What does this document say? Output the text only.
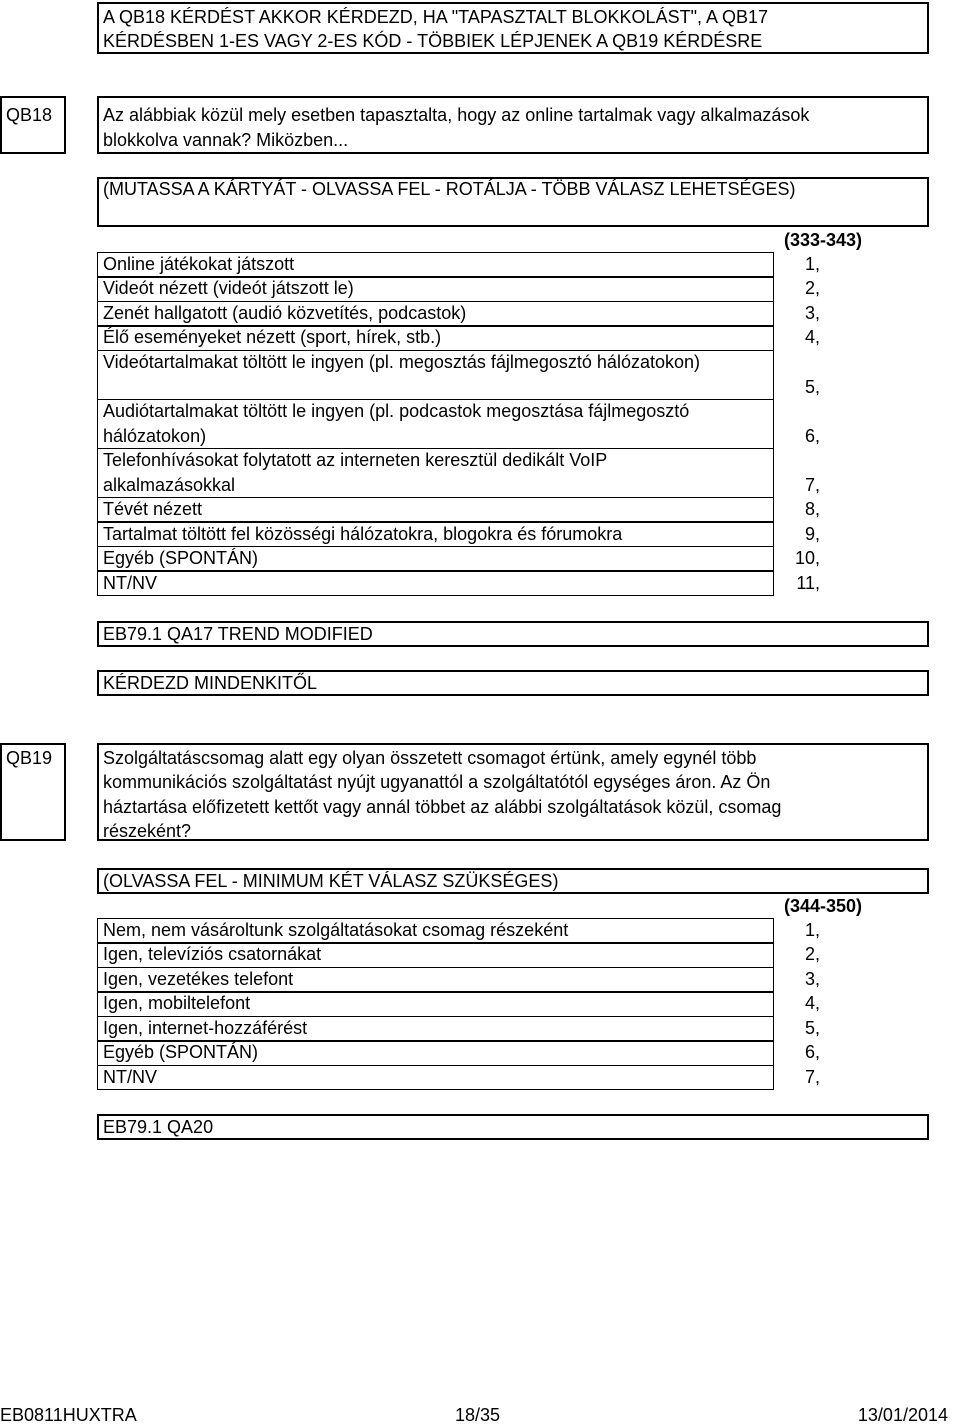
A QB18 KÉRDÉST AKKOR KÉRDEZD, HA "TAPASZTALT BLOKKOLÁST", A QB17
KÉRDÉSBEN 1-ES VAGY 2-ES KÓD - TÖBBIEK LÉPJENEK A QB19 KÉRDÉSRE
QB18	Az alábbiak közül mely esetben tapasztalta, hogy az online tartalmak vagy alkalmazások
blokkolva vannak? Miközben...
(MUTASSA A KÁRTYÁT - OLVASSA FEL - ROTÁLJA - TÖBB VÁLASZ LEHETSÉGES)
(333-343)
Online játékokat játszott	1,
Videót nézett (videót játszott le)	2,
Zenét hallgatott (audió közvetítés, podcastok)	3,
Élő eseményeket nézett (sport, hírek, stb.)	4,
Videótartalmakat töltött le ingyen (pl. megosztás fájlmegosztó hálózatokon)
5,
Audiótartalmakat töltött le ingyen (pl. podcastok megosztása fájlmegosztó
hálózatokon)	6,
Telefonhívásokat folytatott az interneten keresztül dedikált VoIP
alkalmazásokkal	7,
Tévét nézett	8,
Tartalmat töltött fel közösségi hálózatokra, blogokra és fórumokra	9,
Egyéb (SPONTÁN)	10,
NT/NV	11,
EB79.1 QA17 TREND MODIFIED
KÉRDEZD MINDENKITŐL
QB19	Szolgáltatáscsomag alatt egy olyan összetett csomagot értünk, amely egynél több
kommunikációs szolgáltatást nyújt ugyanattól a szolgáltatótól egységes áron. Az Ön
háztartása előfizetett kettőt vagy annál többet az alábbi szolgáltatások közül, csomag
részeként?
(OLVASSA FEL - MINIMUM KÉT VÁLASZ SZÜKSÉGES)
(344-350)
Nem, nem vásároltunk szolgáltatásokat csomag részeként	1,
Igen, televíziós csatornákat	2,
Igen, vezetékes telefont	3,
Igen, mobiltelefont	4,
Igen, internet-hozzáférést	5,
Egyéb (SPONTÁN)	6,
NT/NV	7,
EB79.1 QA20
EB0811HUXTRA	18/35	13/01/2014
